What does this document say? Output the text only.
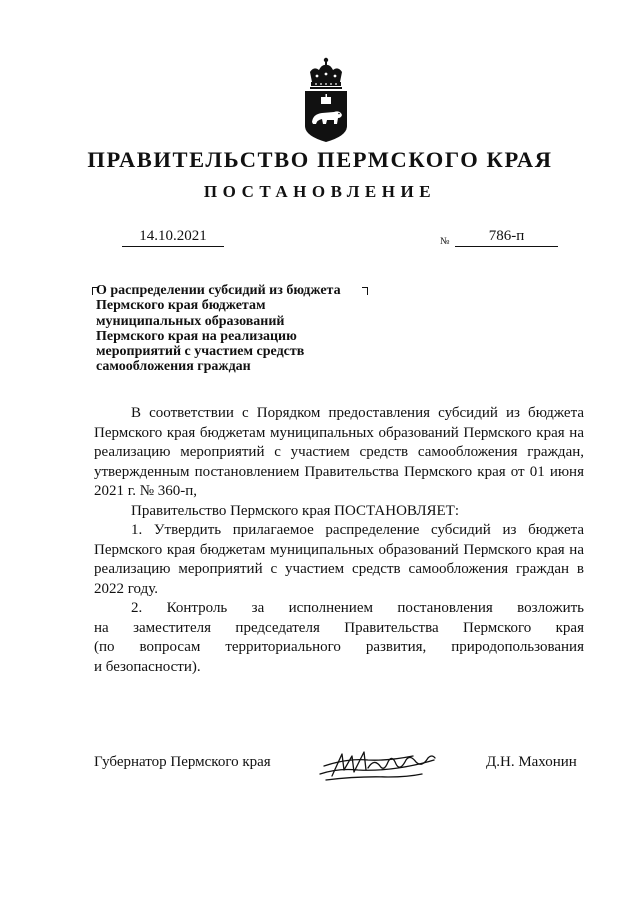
ПРАВИТЕЛЬСТВО ПЕРМСКОГО КРАЯ
ПОСТАНОВЛЕНИЕ
14.10.2021	№	786-п
О распределении субсидий из бюджета
Пермского края бюджетам
муниципальных образований
Пермского края на реализацию
мероприятий с участием средств
самообложения граждан
В соответствии с Порядком предоставления субсидий из бюджета Пермского края бюджетам муниципальных образований Пермского края на реализацию мероприятий с участием средств самообложения граждан, утвержденным постановлением Правительства Пермского края от 01 июня 2021 г. № 360-п,
Правительство Пермского края ПОСТАНОВЛЯЕТ:
1. Утвердить прилагаемое распределение субсидий из бюджета Пермского края бюджетам муниципальных образований Пермского края на реализацию мероприятий с участием средств самообложения граждан в 2022 году.
2. Контроль за исполнением постановления возложить
на заместителя председателя Правительства Пермского края
(по вопросам территориального развития, природопользования
и безопасности).
Губернатор Пермского края	Д.Н. Махонин
